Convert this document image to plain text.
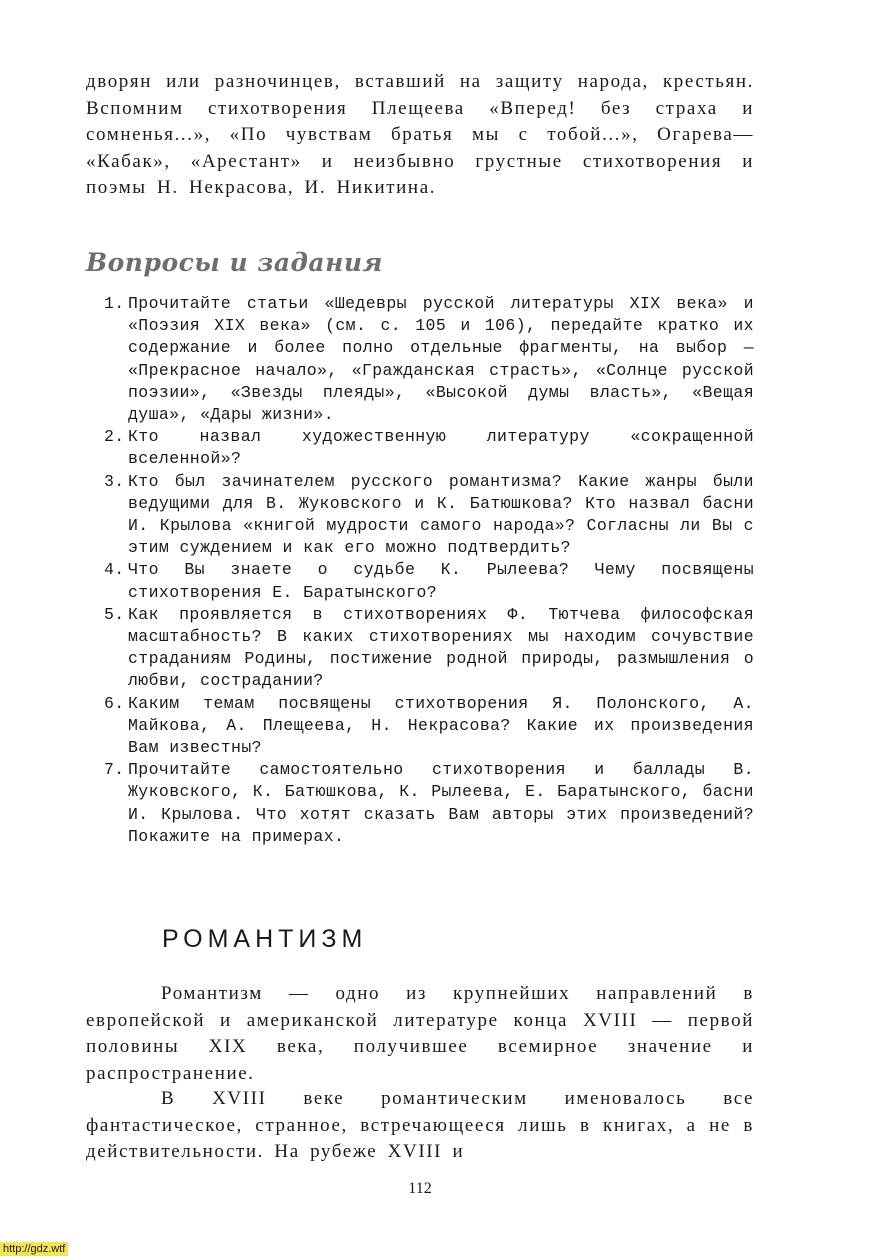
дворян или разночинцев, вставший на защиту народа, крестьян. Вспомним стихотворения Плещеева «Вперед! без страха и сомненья...», «По чувствам братья мы с тобой...», Огарева— «Кабак», «Арестант» и неизбывно грустные стихотворения и поэмы Н. Некрасова, И. Никитина.

Вопросы и задания
1. Прочитайте статьи «Шедевры русской литературы XIX века» и «Поэзия XIX века» (см. с. 105 и 106), передайте кратко их содержание и более полно отдельные фрагменты, на выбор — «Прекрасное начало», «Гражданская страсть», «Солнце русской поэзии», «Звезды плеяды», «Высокой думы власть», «Вещая душа», «Дары жизни».
2. Кто назвал художественную литературу «сокращенной вселенной»?
3. Кто был зачинателем русского романтизма? Какие жанры были ведущими для В. Жуковского и К. Батюшкова? Кто назвал басни И. Крылова «книгой мудрости самого народа»? Согласны ли Вы с этим суждением и как его можно подтвердить?
4. Что Вы знаете о судьбе К. Рылеева? Чему посвящены стихотворения Е. Баратынского?
5. Как проявляется в стихотворениях Ф. Тютчева философская масштабность? В каких стихотворениях мы находим сочувствие страданиям Родины, постижение родной природы, размышления о любви, сострадании?
6. Каким темам посвящены стихотворения Я. Полонского, А. Майкова, А. Плещеева, Н. Некрасова? Какие их произведения Вам известны?
7. Прочитайте самостоятельно стихотворения и баллады В. Жуковского, К. Батюшкова, К. Рылеева, Е. Баратынского, басни И. Крылова. Что хотят сказать Вам авторы этих произведений? Покажите на примерах.
РОМАНТИЗМ

Романтизм — одно из крупнейших направлений в европейской и американской литературе конца XVIII — первой половины XIX века, получившее всемирное значение и распространение.

В XVIII веке романтическим именовалось все фантастическое, странное, встречающееся лишь в книгах, а не в действительности. На рубеже XVIII и

112
http://gdz.wtf
